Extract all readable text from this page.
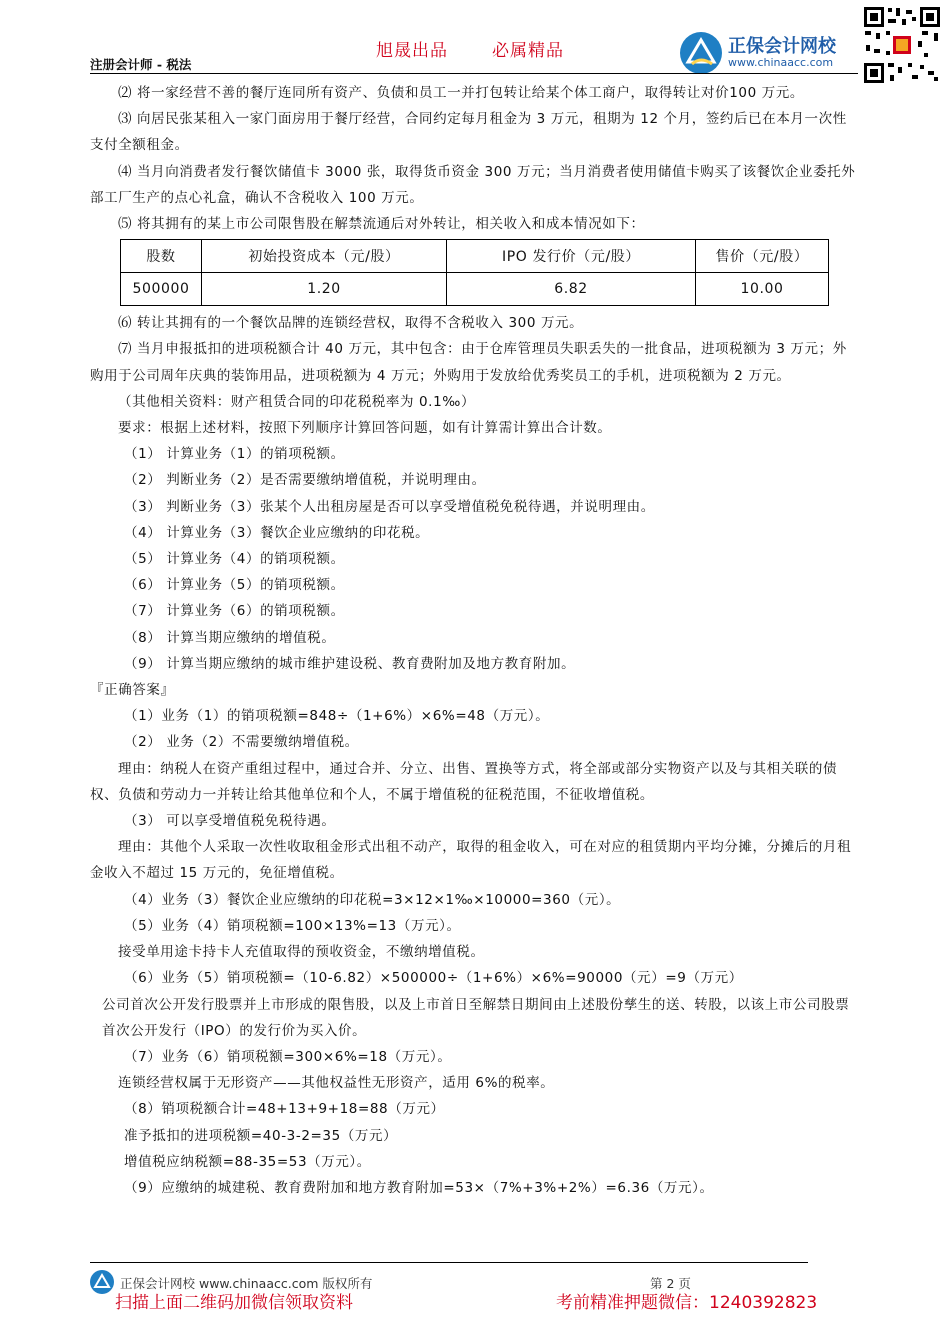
旭晟出品	必属精品
注册会计师 - 税法
正保会计网校
www.chinaacc.com

⑵ 将一家经营不善的餐厅连同所有资产、负债和员工一并打包转让给某个体工商户，取得转让对价100 万元。

⑶ 向居民张某租入一家门面房用于餐厅经营，合同约定每月租金为 3 万元，租期为 12 个月，签约后已在本月一次性支付全额租金。

⑷ 当月向消费者发行餐饮储值卡 3000 张，取得货币资金 300 万元；当月消费者使用储值卡购买了该餐饮企业委托外部工厂生产的点心礼盒，确认不含税收入 100 万元。

⑸ 将其拥有的某上市公司限售股在解禁流通后对外转让，相关收入和成本情况如下：

股数	初始投资成本（元/股）	IPO 发行价（元/股）	售价（元/股）
500000	1.20	6.82	10.00

⑹ 转让其拥有的一个餐饮品牌的连锁经营权，取得不含税收入 300 万元。

⑺ 当月申报抵扣的进项税额合计 40 万元，其中包含：由于仓库管理员失职丢失的一批食品，进项税额为 3 万元；外购用于公司周年庆典的装饰用品，进项税额为 4 万元；外购用于发放给优秀奖员工的手机，进项税额为 2 万元。

（其他相关资料：财产租赁合同的印花税税率为 0.1‰）

要求：根据上述材料，按照下列顺序计算回答问题，如有计算需计算出合计数。

（1） 计算业务（1）的销项税额。

（2） 判断业务（2）是否需要缴纳增值税，并说明理由。

（3） 判断业务（3）张某个人出租房屋是否可以享受增值税免税待遇，并说明理由。

（4） 计算业务（3）餐饮企业应缴纳的印花税。

（5） 计算业务（4）的销项税额。

（6） 计算业务（5）的销项税额。

（7） 计算业务（6）的销项税额。

（8） 计算当期应缴纳的增值税。

（9） 计算当期应缴纳的城市维护建设税、教育费附加及地方教育附加。

『正确答案』

（1）业务（1）的销项税额=848÷（1+6%）×6%=48（万元）。

（2） 业务（2）不需要缴纳增值税。

理由：纳税人在资产重组过程中，通过合并、分立、出售、置换等方式，将全部或部分实物资产以及与其相关联的债权、负债和劳动力一并转让给其他单位和个人，不属于增值税的征税范围，不征收增值税。

（3） 可以享受增值税免税待遇。

理由：其他个人采取一次性收取租金形式出租不动产，取得的租金收入，可在对应的租赁期内平均分摊，分摊后的月租金收入不超过 15 万元的，免征增值税。

（4）业务（3）餐饮企业应缴纳的印花税=3×12×1‰×10000=360（元）。

（5）业务（4）销项税额=100×13%=13（万元）。

接受单用途卡持卡人充值取得的预收资金，不缴纳增值税。

（6）业务（5）销项税额=（10-6.82）×500000÷（1+6%）×6%=90000（元）=9（万元）

公司首次公开发行股票并上市形成的限售股，以及上市首日至解禁日期间由上述股份孳生的送、转股，以该上市公司股票首次公开发行（IPO）的发行价为买入价。

（7）业务（6）销项税额=300×6%=18（万元）。

连锁经营权属于无形资产——其他权益性无形资产，适用 6%的税率。

（8）销项税额合计=48+13+9+18=88（万元）

准予抵扣的进项税额=40-3-2=35（万元）

增值税应纳税额=88-35=53（万元）。

（9）应缴纳的城建税、教育费附加和地方教育附加=53×（7%+3%+2%）=6.36（万元）。

正保会计网校 www.chinaacc.com 版权所有	第 2 页
扫描上面二维码加微信领取资料	考前精准押题微信：1240392823
